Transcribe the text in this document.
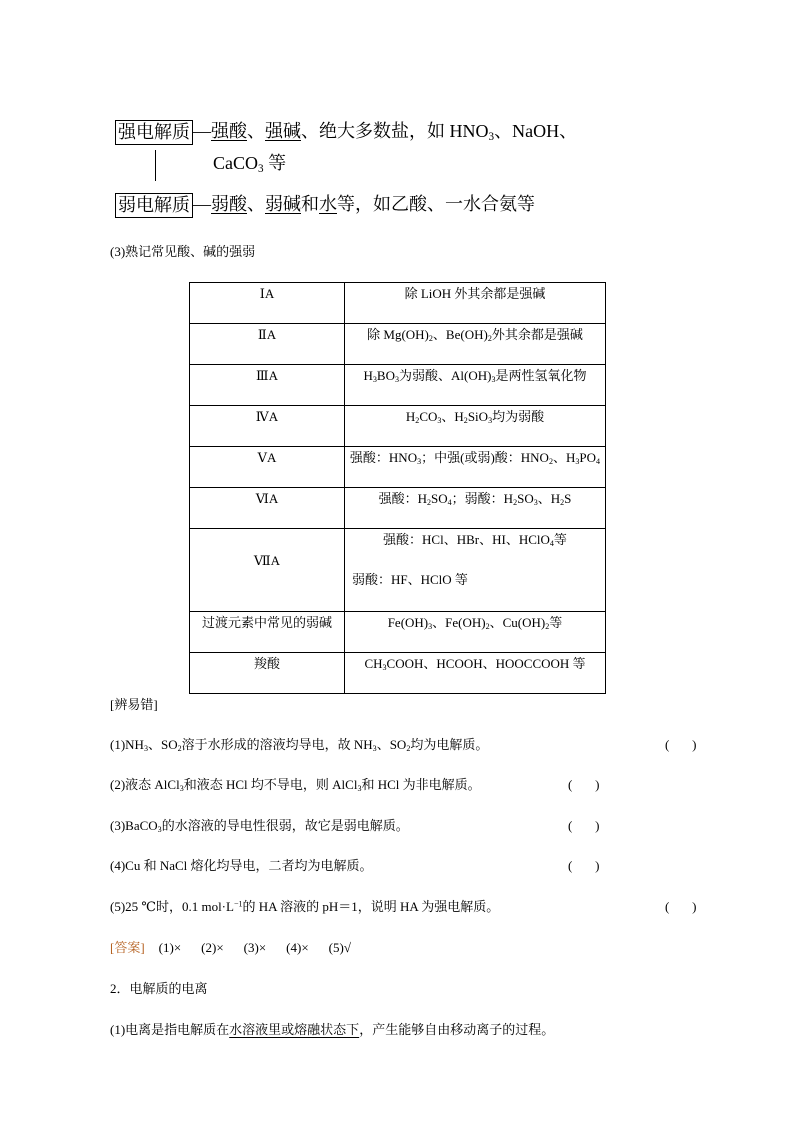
强电解质 —强酸、强碱、绝大多数盐，如 $HNO_3$、NaOH、
CaCO$_3$ 等
弱电解质 —弱酸、弱碱和水等，如乙酸、一水合氨等
(3)熟记常见酸、碱的强弱
ⅠA	除 LiOH 外其余都是强碱
ⅡA	除 $Mg(OH)_2$、$Be(OH)_2$外其余都是强碱
ⅢA	$H_3BO_3$为弱酸、$Al(OH)_3$是两性氢氧化物
ⅣA	$H_2CO_3$、$H_2SiO_3$均为弱酸
ⅤA	强酸：$HNO_3$；中强(或弱)酸：$HNO_2$、$H_3PO_4$
ⅥA	强酸：$H_2SO_4$；弱酸：$H_2SO_3$、$H_2S$
ⅦA	强酸：HCl、HBr、HI、HClO$_4$等
弱酸：HF、HClO 等

过渡元素中常见的弱碱	$Fe(OH)_3$、$Fe(OH)_2$、$Cu(OH)_2$等
羧酸	$CH_3COOH$、HCOOH、HOOCCOOH 等
[辨易错]
$(1)NH_3$、$SO_2$溶于水形成的溶液均导电，故 $NH_3$、$SO_2$均为电解质。	(       )
(2)液态 AlCl$_3$和液态 HCl 均不导电，则 AlCl$_3$和 HCl 为非电解质。	(       )
(3)BaCO$_3$的水溶液的导电性很弱，故它是弱电解质。	(       )
(4)Cu 和 NaCl 熔化均导电，二者均为电解质。	(       )
(5)25 ℃时，0.1 $mol\cdot L^{-1}$的 HA 溶液的 pH＝1，说明 HA 为强电解质。	(       )
[答案] (1)× (2)× (3)× (4)× (5)√
2．电解质的电离
(1)电离是指电解质在水溶液里或熔融状态下，产生能够自由移动离子的过程。
